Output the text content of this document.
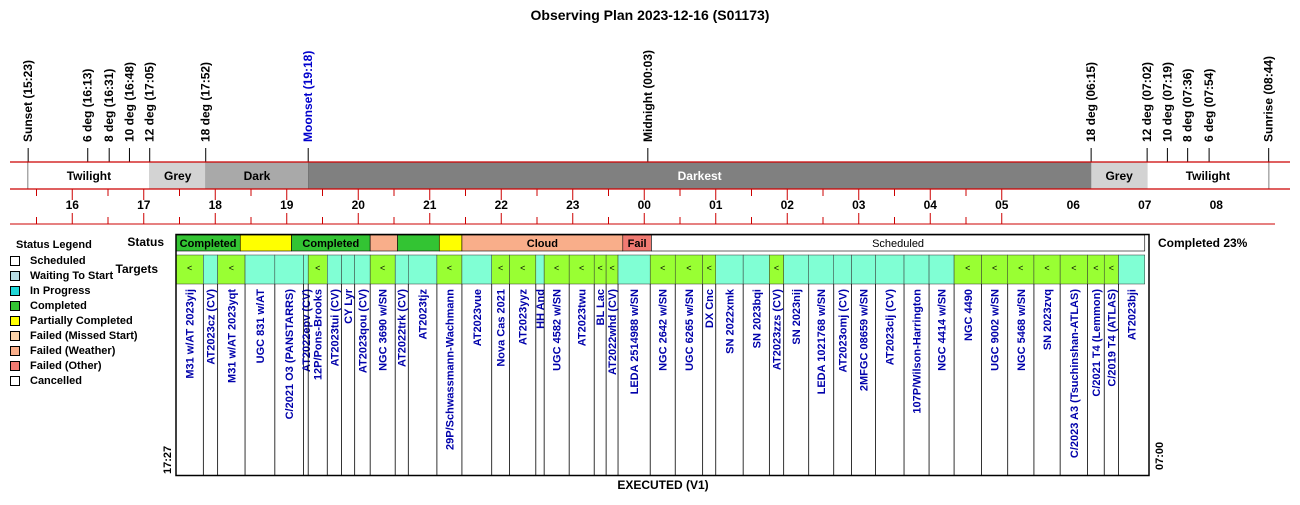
Observing Plan 2023-12-16 (S01173)
Sunset (15:23)	6 deg (16:13) 8 deg (16:31) 10 deg (16:48) 12 deg (17:05)	18 deg (17:52)	Moonset (19:18)	Midnight (00:03)	18 deg (06:15)	12 deg (07:02) 10 deg (07:19) 8 deg (07:36) 6 deg (07:54)	Sunrise (08:44)
Twilight	Grey	Dark	Darkest	Grey	Twilight
16	17	18	19	20	21	22	23	00	01	02	03	04	05	06	07	08
Completed	Completed	Cloud	Fail	Scheduled
<
M31 w/AT 2023yij AT2023cz (CV)
<
M31 w/AT 2023yqt UGC 831 w/AT C/2021 O3 (PANSTARRS) AT2022epv (CV)
<
12P/Pons-Brooks AT2023tui (CV) CY Lyr AT2023qou (CV)
<
NGC 3690 w/SN AT2022trk (CV) AT2023tjz
<
29P/Schwassmann-Wachmann AT2023vue
<
Nova Cas 2021
<
AT2023yyz HH And
<
UGC 4582 w/SN
<
AT2023twu
<
BL Lac
<
AT2022whd (CV) LEDA 2514988 w/SN
<
NGC 2642 w/SN
<
UGC 6265 w/SN
<
DX Cnc SN 2022xmk SN 2023bqi
<
AT2023zzs (CV) SN 2023nij LEDA 1021768 w/SN AT2023omj (CV) 2MFGC 08659 w/SN AT2023clj (CV) 107P/Wilson-Harrington NGC 4414 w/SN
<
NGC 4490
<
UGC 9002 w/SN
<
NGC 5468 w/SN
<
SN 2023zvq
<
C/2023 A3 (Tsuchinshan-ATLAS)
<
C/2021 T4 (Lemmon)
<
C/2019 T4 (ATLAS) AT2023bji
Status
Targets
Completed 23%
17:27	07:00
EXECUTED (V1)
Status Legend
Scheduled
Waiting To Start
In Progress
Completed
Partially Completed
Failed (Missed Start)
Failed (Weather)
Failed (Other)
Cancelled
